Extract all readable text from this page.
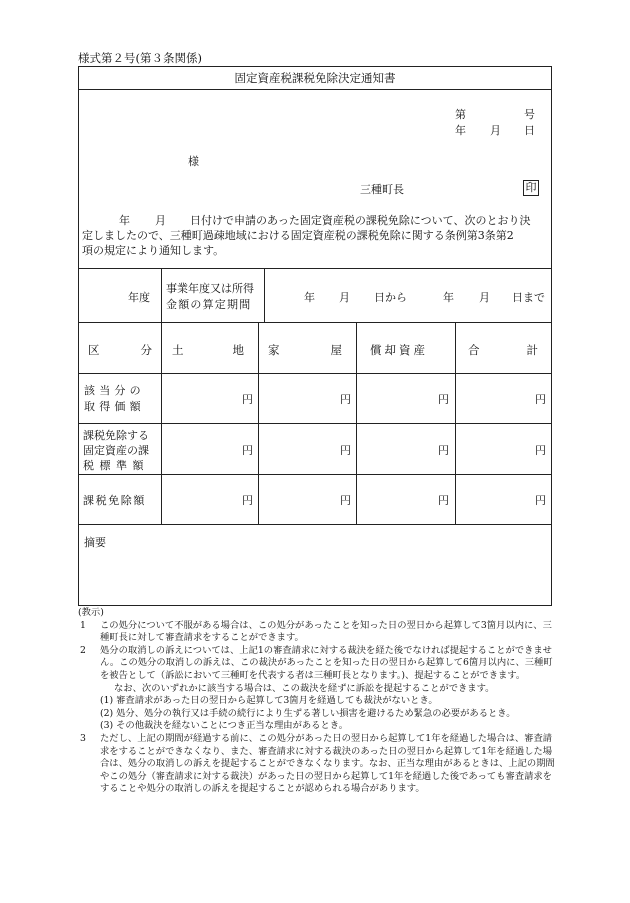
様式第２号(第３条関係)
固定資産税課税免除決定通知書
第	号
年 月 日
様
三種町長	印
年 月 日付けで申請のあった固定資産税の課税免除について、次のとおり決
定しましたので、三種町過疎地域における固定資産税の課税免除に関する条例第3条第2
項の規定により通知します。
年度
事業年度又は所得
金額の算定期間
年 月 日から	年 月 日まで
区	分 土	地 家	屋 償却資産	合	計
該当分の
取得価額
円	円	円	円
課税免除する
固定資産の課
税標準額
円	円	円	円
課税免除額	円	円	円	円
摘要
(教示)
1 この処分について不服がある場合は、この処分があったことを知った日の翌日から起算して3箇月以内に、三種町長に対して審査請求をすることができます。
2 処分の取消しの訴えについては、上記1の審査請求に対する裁決を経た後でなければ提起することができません。この処分の取消しの訴えは、この裁決があったことを知った日の翌日から起算して6箇月以内に、三種町を被告として（訴訟において三種町を代表する者は三種町長となります。)、提起することができます。
なお、次のいずれかに該当する場合は、この裁決を経ずに訴訟を提起することができます。
(1) 審査請求があった日の翌日から起算して3箇月を経過しても裁決がないとき。
(2) 処分、処分の執行又は手続の続行により生ずる著しい損害を避けるため緊急の必要があるとき。
(3) その他裁決を経ないことにつき正当な理由があるとき。
3 ただし、上記の期間が経過する前に、この処分があった日の翌日から起算して1年を経過した場合は、審査請求をすることができなくなり、また、審査請求に対する裁決のあった日の翌日から起算して1年を経過した場合は、処分の取消しの訴えを提起することができなくなります。なお、正当な理由があるときは、上記の期間やこの処分（審査請求に対する裁決）があった日の翌日から起算して1年を経過した後であっても審査請求をすることや処分の取消しの訴えを提起することが認められる場合があります。
